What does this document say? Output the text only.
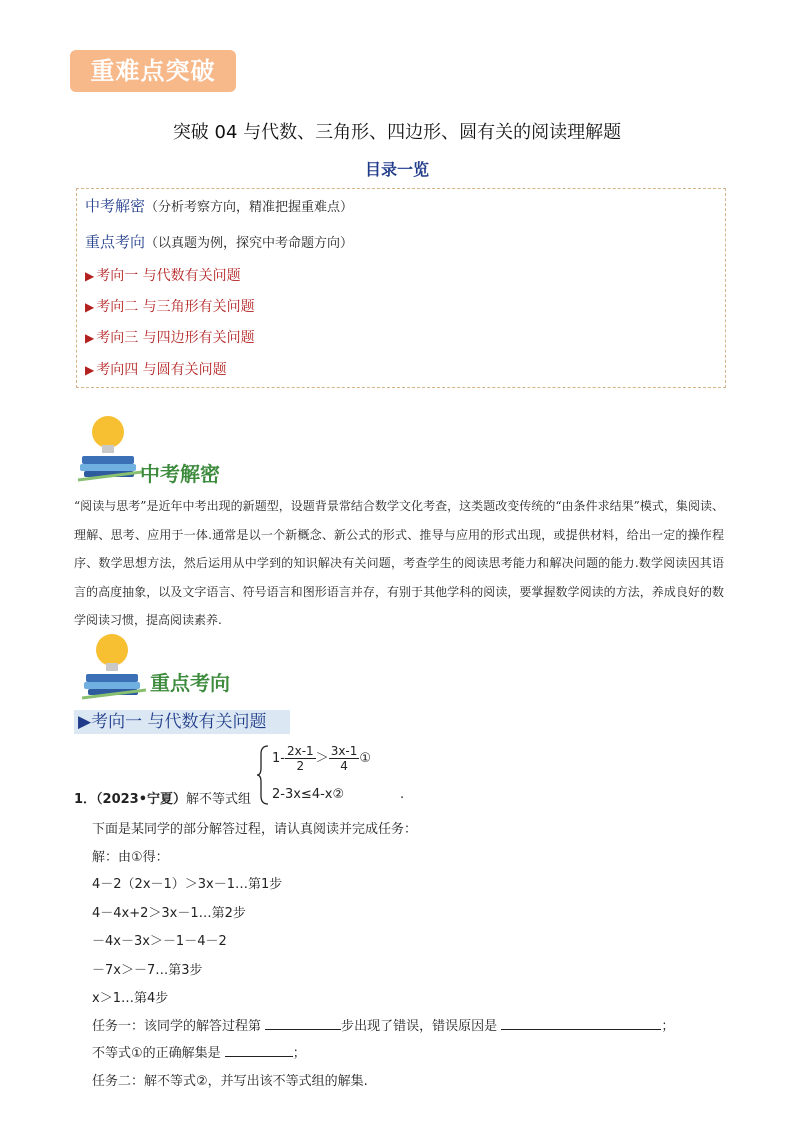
重难点突破
突破 04 与代数、三角形、四边形、圆有关的阅读理解题
目录一览
中考解密（分析考察方向，精准把握重难点）
重点考向（以真题为例，探究中考命题方向）
▶ 考向一 与代数有关问题
▶ 考向二 与三角形有关问题
▶ 考向三 与四边形有关问题
▶ 考向四 与圆有关问题
中考解密
“阅读与思考”是近年中考出现的新题型，设题背景常结合数学文化考查，这类题改变传统的“由条件求结果”模式，集阅读、理解、思考、应用于一体.通常是以一个新概念、新公式的形式、推导与应用的形式出现，或提供材料，给出一定的操作程序、数学思想方法，然后运用从中学到的知识解决有关问题，考查学生的阅读思考能力和解决问题的能力.数学阅读因其语言的高度抽象，以及文字语言、符号语言和图形语言并存，有别于其他学科的阅读，要掌握数学阅读的方法，养成良好的数学阅读习惯，提高阅读素养.
重点考向
▶考向一 与代数有关问题
1．（2023•宁夏）解不等式组
$1- \frac{2x-1}{2} > \frac{3x-1}{4}$ ①
2-3x≤4-x②	.
下面是某同学的部分解答过程，请认真阅读并完成任务：
解：由①得：
4－2（2x－1）＞3x－1…第1步
4－4x+2＞3x－1…第2步
－4x－3x＞－1－4－2
－7x＞－7…第3步
x＞1…第4步
任务一：该同学的解答过程第	步出现了错误，错误原因是	；
不等式①的正确解集是	；
任务二：解不等式②，并写出该不等式组的解集.
